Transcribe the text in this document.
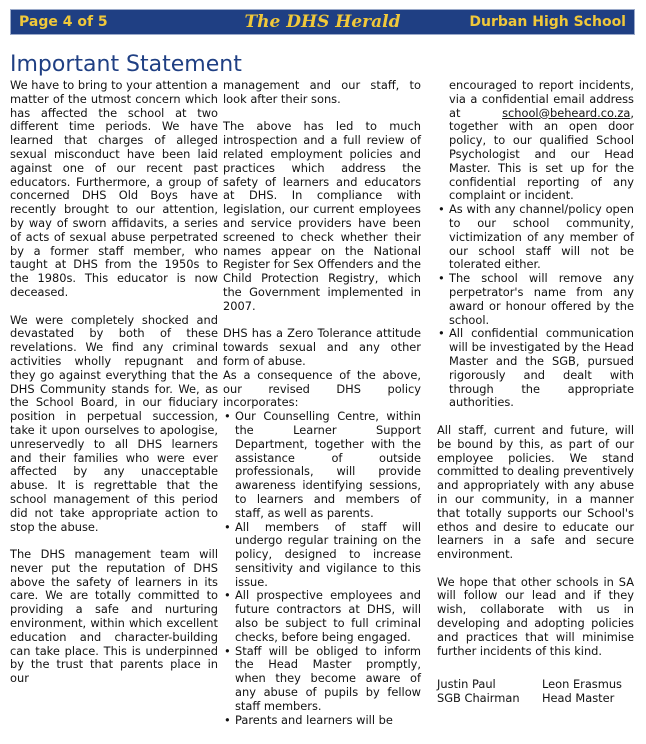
Page 4 of 5	The DHS Herald	Durban High School
Important Statement

We have to bring to your attention a matter of the utmost concern which has affected the school at two different time periods. We have learned that charges of alleged sexual misconduct have been laid against one of our recent past educators. Furthermore, a group of concerned DHS Old Boys have recently brought to our attention, by way of sworn affidavits, a series of acts of sexual abuse perpetrated by a former staff member, who taught at DHS from the 1950s to the 1980s. This educator is now deceased.

We were completely shocked and devastated by both of these revelations. We find any criminal activities wholly repugnant and they go against everything that the DHS Community stands for. We, as the School Board, in our fiduciary position in perpetual succession, take it upon ourselves to apologise, unreservedly to all DHS learners and their families who were ever affected by any unacceptable abuse. It is regrettable that the school management of this period did not take appropriate action to stop the abuse.

The DHS management team will never put the reputation of DHS above the safety of learners in its care. We are totally committed to providing a safe and nurturing environment, within which excellent education and character-building can take place. This is underpinned by the trust that parents place in our

management and our staff, to look after their sons.

The above has led to much introspection and a full review of related employment policies and practices which address the safety of learners and educators at DHS. In compliance with legislation, our current employees and service providers have been screened to check whether their names appear on the National Register for Sex Offenders and the Child Protection Registry, which the Government implemented in 2007.

DHS has a Zero Tolerance attitude towards sexual and any other form of abuse.

As a consequence of the above, our revised DHS policy incorporates:

• Our Counselling Centre, within the Learner Support Department, together with the assistance of outside professionals, will provide awareness identifying sessions, to learners and members of staff, as well as parents.
• All members of staff will undergo regular training on the policy, designed to increase sensitivity and vigilance to this issue.
• All prospective employees and future contractors at DHS, will also be subject to full criminal checks, before being engaged.
• Staff will be obliged to inform the Head Master promptly, when they become aware of any abuse of pupils by fellow staff members.
• Parents and learners will be

encouraged to report incidents, via a confidential email address at school@beheard.co.za, together with an open door policy, to our qualified School Psychologist and our Head Master. This is set up for the confidential reporting of any complaint or incident.

• As with any channel/policy open to our school community, victimization of any member of our school staff will not be tolerated either.
• The school will remove any perpetrator's name from any award or honour offered by the school.
• All confidential communication will be investigated by the Head Master and the SGB, pursued rigorously and dealt with through the appropriate authorities.

All staff, current and future, will be bound by this, as part of our employee policies. We stand committed to dealing preventively and appropriately with any abuse in our community, in a manner that totally supports our School's ethos and desire to educate our learners in a safe and secure environment.

We hope that other schools in SA will follow our lead and if they wish, collaborate with us in developing and adopting policies and practices that will minimise further incidents of this kind.

Justin Paul
SGB Chairman
Leon Erasmus
Head Master
